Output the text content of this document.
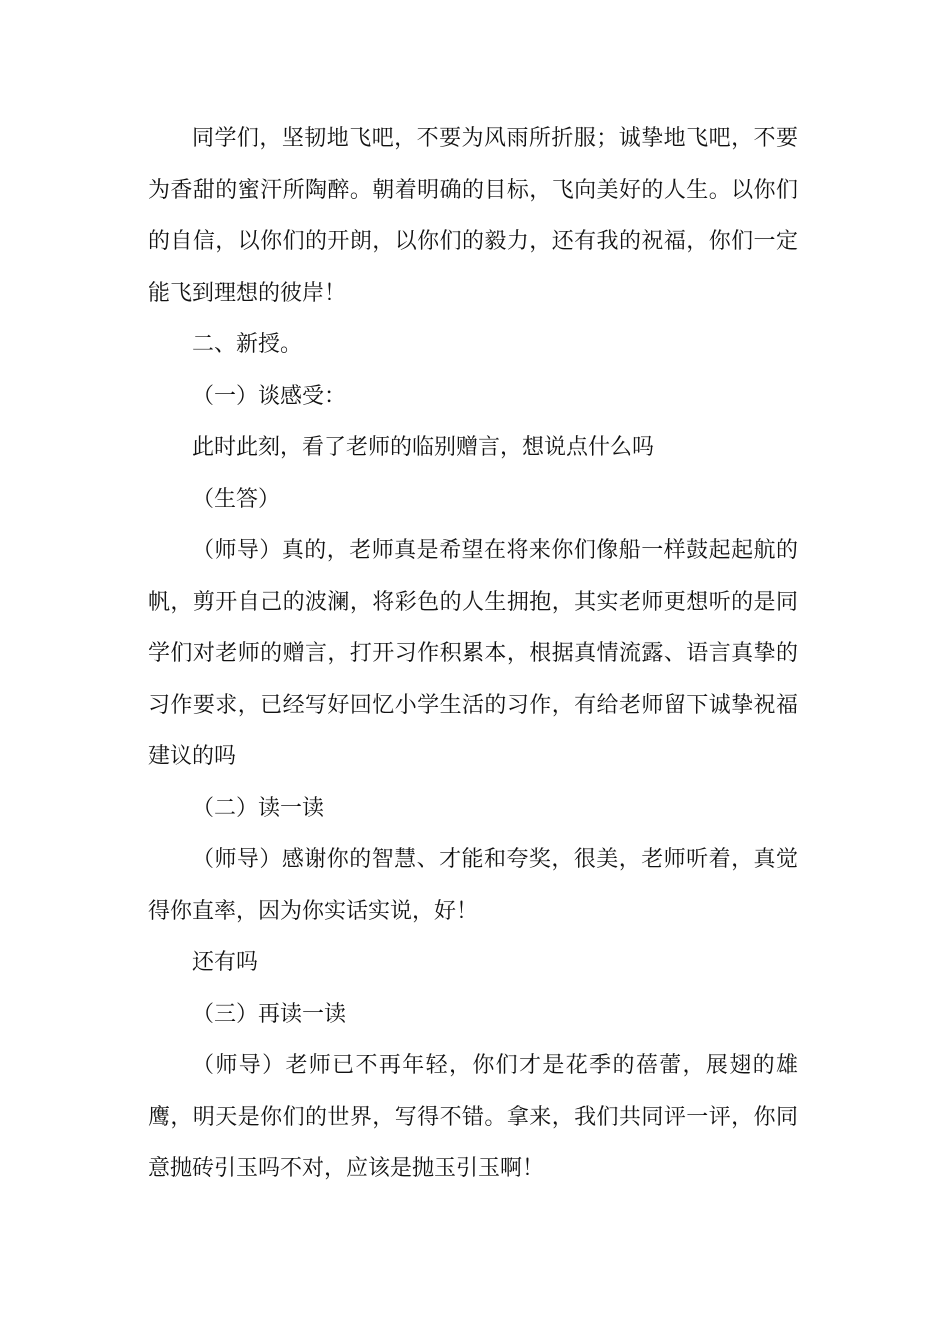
同学们，坚韧地飞吧，不要为风雨所折服；诚挚地飞吧，不要为香甜的蜜汗所陶醉。朝着明确的目标，飞向美好的人生。以你们的自信，以你们的开朗，以你们的毅力，还有我的祝福，你们一定能飞到理想的彼岸！

二、新授。

（一）谈感受：

此时此刻，看了老师的临别赠言，想说点什么吗

（生答）

（师导）真的，老师真是希望在将来你们像船一样鼓起起航的帆，剪开自己的波澜，将彩色的人生拥抱，其实老师更想听的是同学们对老师的赠言，打开习作积累本，根据真情流露、语言真挚的习作要求，已经写好回忆小学生活的习作，有给老师留下诚挚祝福建议的吗

（二）读一读

（师导）感谢你的智慧、才能和夸奖，很美，老师听着，真觉得你直率，因为你实话实说，好！

还有吗

（三）再读一读

（师导）老师已不再年轻，你们才是花季的蓓蕾，展翅的雄鹰，明天是你们的世界，写得不错。拿来，我们共同评一评，你同意抛砖引玉吗不对，应该是抛玉引玉啊！
